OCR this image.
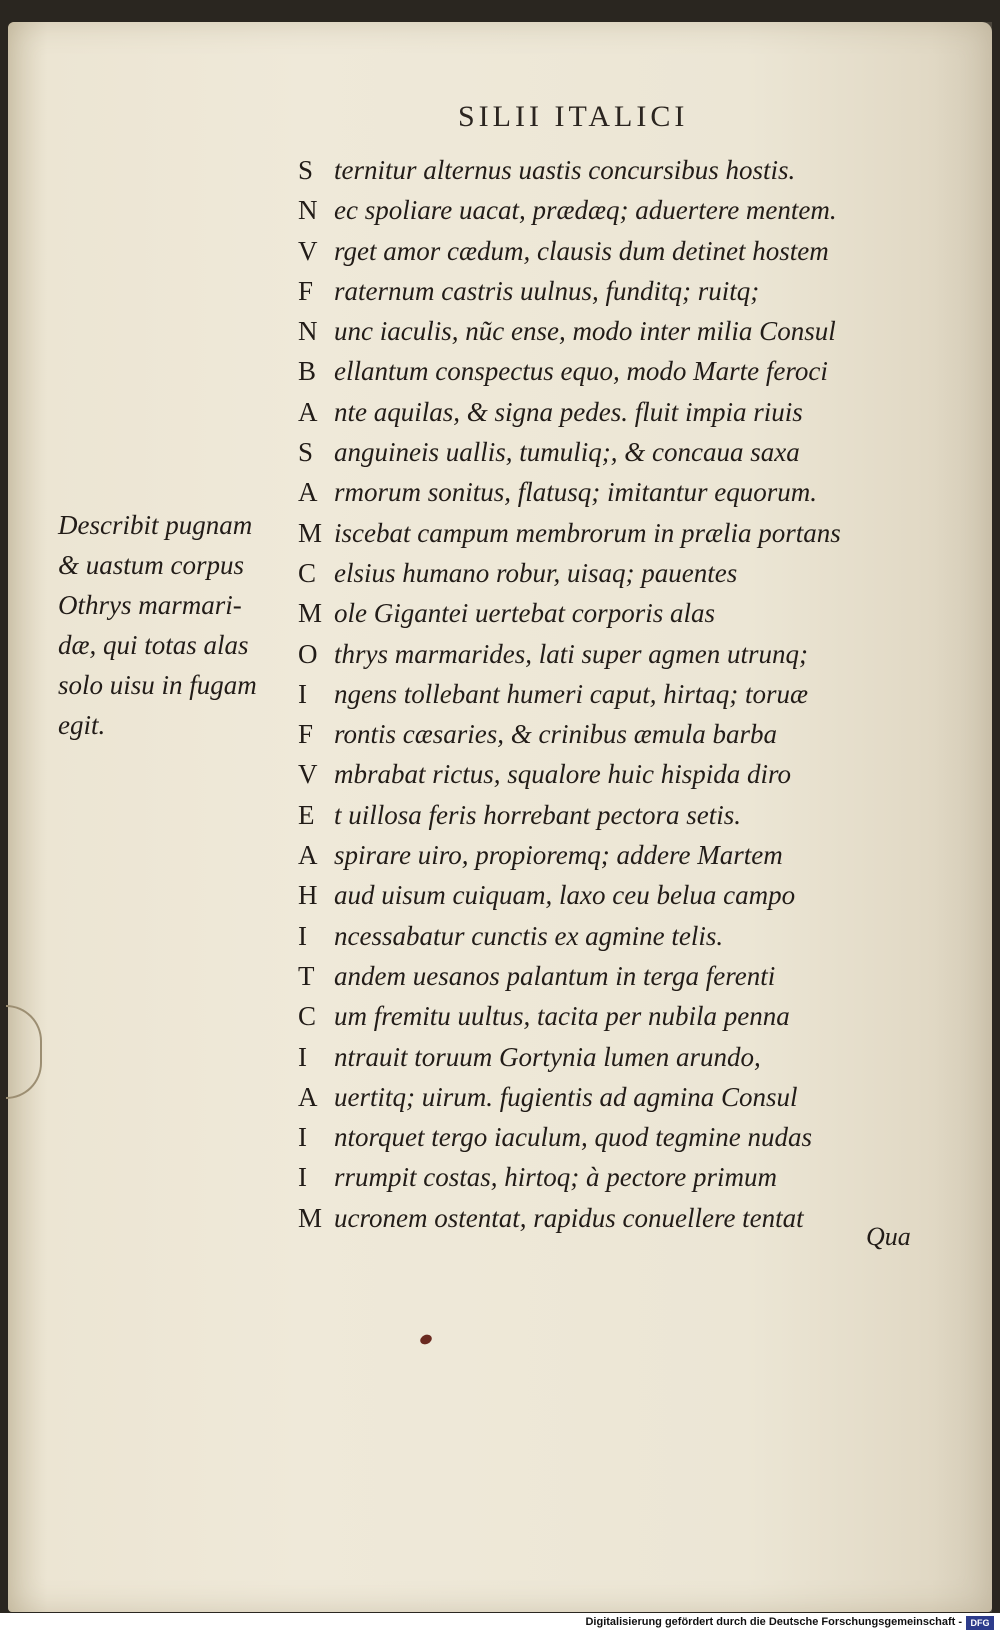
SILII ITALICI
Describit pugnam
& uastum corpus
Othrys marmari-
dæ, qui totas alas
solo uisu in fugam
egit.
S ternitur alternus uastis concursibus hostis.
N ec spoliare uacat, prædæq; aduertere mentem.
V rget amor cædum, clausis dum detinet hostem
F raternum castris uulnus, funditq; ruitq;
N unc iaculis, nũc ense, modo inter milia Consul
B ellantum conspectus equo, modo Marte feroci
A nte aquilas, & signa pedes. fluit impia riuis
S anguineis uallis, tumuliq;, & concaua saxa
A rmorum sonitus, flatusq; imitantur equorum.
M iscebat campum membrorum in prælia portans
C elsius humano robur, uisaq; pauentes
M ole Gigantei uertebat corporis alas
O thrys marmarides, lati super agmen utrunq;
I ngens tollebant humeri caput, hirtaq; toruæ
F rontis cæsaries, & crinibus æmula barba
V mbrabat rictus, squalore huic hispida diro
E t uillosa feris horrebant pectora setis.
A spirare uiro, propioremq; addere Martem
H aud uisum cuiquam, laxo ceu belua campo
I ncessabatur cunctis ex agmine telis.
T andem uesanos palantum in terga ferenti
C um fremitu uultus, tacita per nubila penna
I ntrauit toruum Gortynia lumen arundo,
A uertitq; uirum. fugientis ad agmina Consul
I ntorquet tergo iaculum, quod tegmine nudas
I rrumpit costas, hirtoq; à pectore primum
M ucronem ostentat, rapidus conuellere tentat
Qua
Digitalisierung gefördert durch die Deutsche Forschungsgemeinschaft - DFG
